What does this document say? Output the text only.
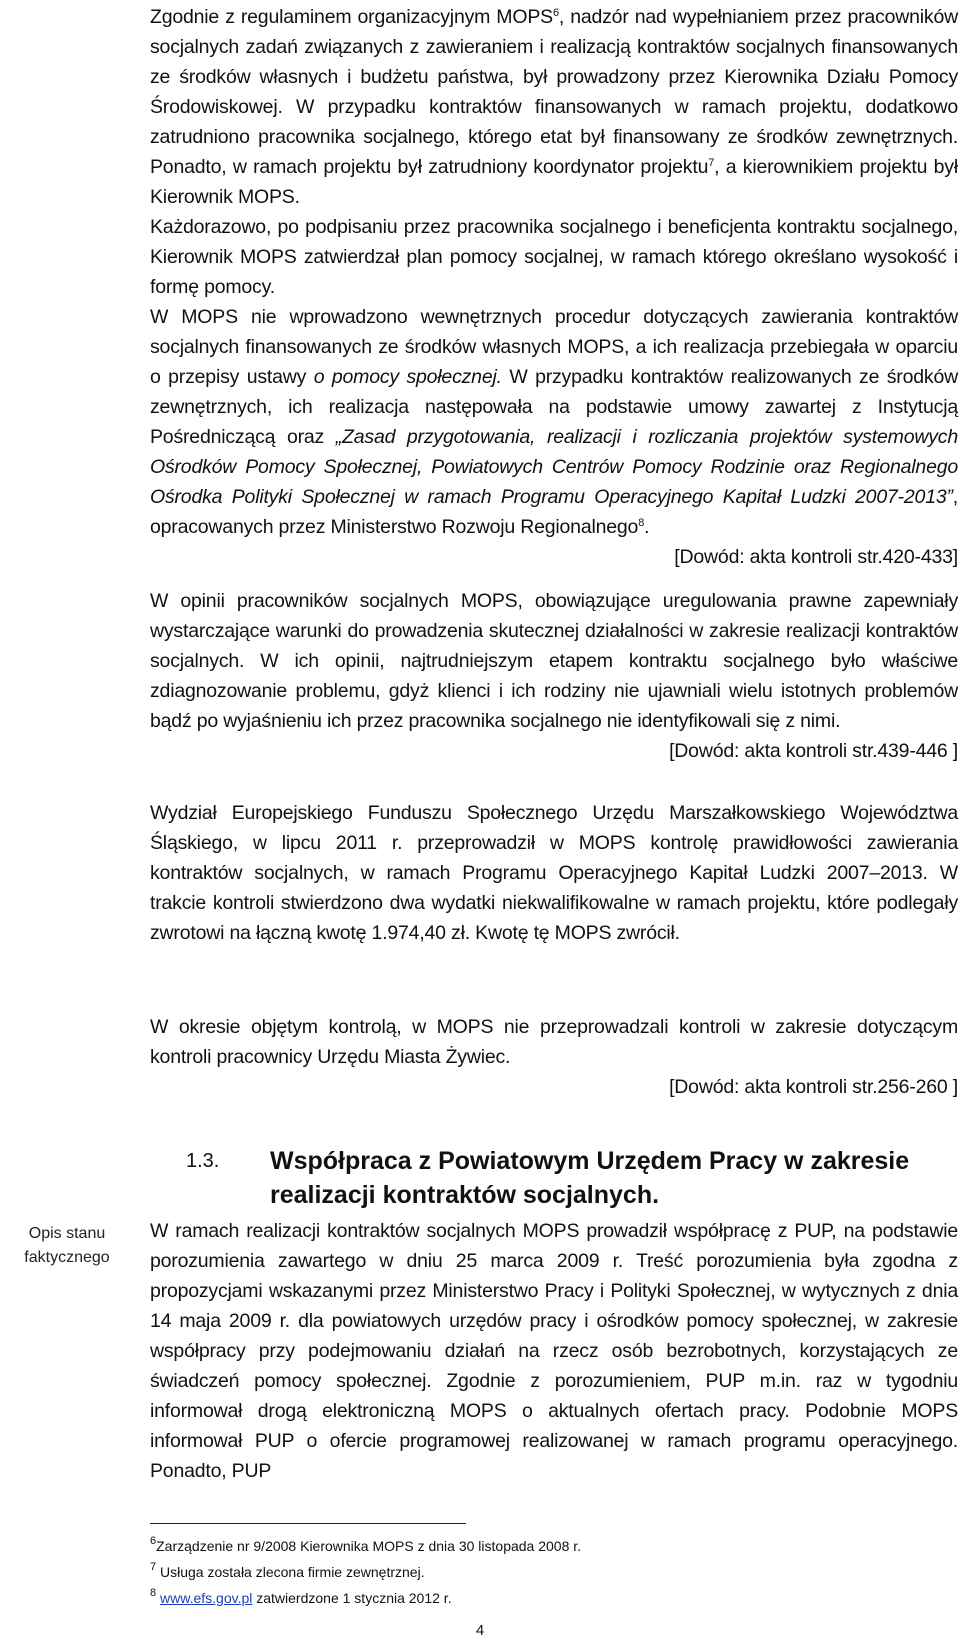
Zgodnie z regulaminem organizacyjnym MOPS$^6$, nadzór nad wypełnianiem przez pracowników socjalnych zadań związanych z zawieraniem i realizacją kontraktów socjalnych finansowanych ze środków własnych i budżetu państwa, był prowadzony przez Kierownika Działu Pomocy Środowiskowej. W przypadku kontraktów finansowanych w ramach projektu, dodatkowo zatrudniono pracownika socjalnego, którego etat był finansowany ze środków zewnętrznych. Ponadto, w ramach projektu był zatrudniony koordynator projektu$^7$, a kierownikiem projektu był Kierownik MOPS.

Każdorazowo, po podpisaniu przez pracownika socjalnego i beneficjenta kontraktu socjalnego, Kierownik MOPS zatwierdzał plan pomocy socjalnej, w ramach którego określano wysokość i formę pomocy.

W MOPS nie wprowadzono wewnętrznych procedur dotyczących zawierania kontraktów socjalnych finansowanych ze środków własnych MOPS, a ich realizacja przebiegała w oparciu o przepisy ustawy o pomocy społecznej. W przypadku kontraktów realizowanych ze środków zewnętrznych, ich realizacja następowała na podstawie umowy zawartej z Instytucją Pośredniczącą oraz „Zasad przygotowania, realizacji i rozliczania projektów systemowych Ośrodków Pomocy Społecznej, Powiatowych Centrów Pomocy Rodzinie oraz Regionalnego Ośrodka Polityki Społecznej w ramach Programu Operacyjnego Kapitał Ludzki 2007-2013”, opracowanych przez Ministerstwo Rozwoju Regionalnego$^8$.

[Dowód: akta kontroli str.420-433]

W opinii pracowników socjalnych MOPS, obowiązujące uregulowania prawne zapewniały wystarczające warunki do prowadzenia skutecznej działalności w zakresie realizacji kontraktów socjalnych. W ich opinii, najtrudniejszym etapem kontraktu socjalnego było właściwe zdiagnozowanie problemu, gdyż klienci i ich rodziny nie ujawniali wielu istotnych problemów bądź po wyjaśnieniu ich przez pracownika socjalnego nie identyfikowali się z nimi.

[Dowód: akta kontroli str.439-446 ]

Wydział Europejskiego Funduszu Społecznego Urzędu Marszałkowskiego Województwa Śląskiego, w lipcu 2011 r. przeprowadził w MOPS kontrolę prawidłowości zawierania kontraktów socjalnych, w ramach Programu Operacyjnego Kapitał Ludzki 2007–2013. W trakcie kontroli stwierdzono dwa wydatki niekwalifikowalne w ramach projektu, które podlegały zwrotowi na łączną kwotę 1.974,40 zł. Kwotę tę MOPS zwrócił.

W okresie objętym kontrolą, w MOPS nie przeprowadzali kontroli w zakresie dotyczącym kontroli pracownicy Urzędu Miasta Żywiec.

[Dowód: akta kontroli str.256-260 ]

1.3. Współpraca z Powiatowym Urzędem Pracy w zakresie realizacji kontraktów socjalnych.
Opis stanu faktycznego

W ramach realizacji kontraktów socjalnych MOPS prowadził współpracę z PUP, na podstawie porozumienia zawartego w dniu 25 marca 2009 r. Treść porozumienia była zgodna z propozycjami wskazanymi przez Ministerstwo Pracy i Polityki Społecznej, w wytycznych z dnia 14 maja 2009 r. dla powiatowych urzędów pracy i ośrodków pomocy społecznej, w zakresie współpracy przy podejmowaniu działań na rzecz osób bezrobotnych, korzystających ze świadczeń pomocy społecznej. Zgodnie z porozumieniem, PUP m.in. raz w tygodniu informował drogą elektroniczną MOPS o aktualnych ofertach pracy. Podobnie MOPS informował PUP o ofercie programowej realizowanej w ramach programu operacyjnego. Ponadto, PUP

$^6$Zarządzenie nr 9/2008 Kierownika MOPS z dnia 30 listopada 2008 r.
$^7$ Usługa została zlecona firmie zewnętrznej.
$^8$ www.efs.gov.pl zatwierdzone 1 stycznia 2012 r.
4
